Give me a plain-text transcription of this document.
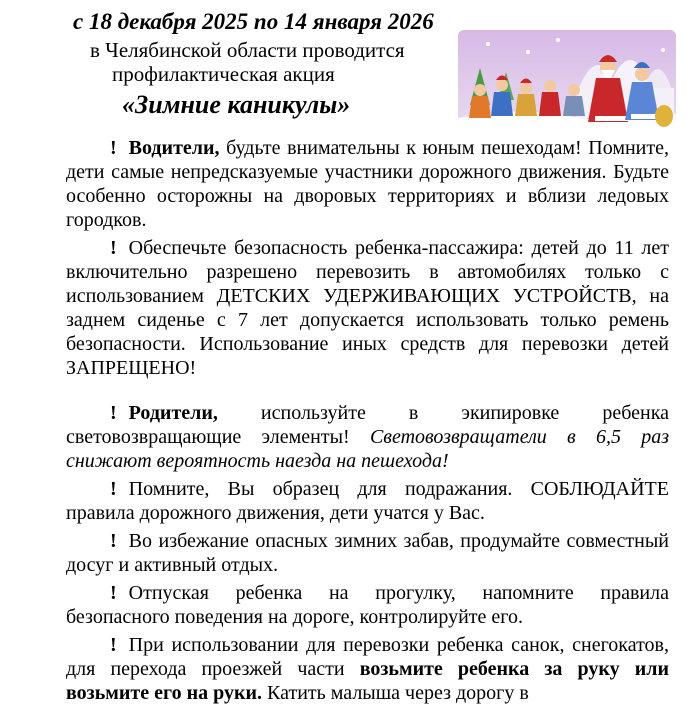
с 18 декабря 2025 по 14 января 2026
в Челябинской области проводится
профилактическая акция
«Зимние каникулы»

! Водители, будьте внимательны к юным пешеходам! Помните, дети самые непредсказуемые участники дорожного движения. Будьте особенно осторожны на дворовых территориях и вблизи ледовых городков.

! Обеспечьте безопасность ребенка-пассажира: детей до 11 лет включительно разрешено перевозить в автомобилях только с использованием ДЕТСКИХ УДЕРЖИВАЮЩИХ УСТРОЙСТВ, на заднем сиденье с 7 лет допускается использовать только ремень безопасности. Использование иных средств для перевозки детей ЗАПРЕЩЕНО!

! Родители, используйте в экипировке ребенка световозвращающие элементы! Световозвращатели в 6,5 раз снижают вероятность наезда на пешехода!

! Помните, Вы образец для подражания. СОБЛЮДАЙТЕ правила дорожного движения, дети учатся у Вас.

! Во избежание опасных зимних забав, продумайте совместный досуг и активный отдых.

! Отпуская ребенка на прогулку, напомните правила безопасного поведения на дороге, контролируйте его.

! При использовании для перевозки ребенка санок, снегокатов, для перехода проезжей части возьмите ребенка за руку или возьмите его на руки. Катить малыша через дорогу в
